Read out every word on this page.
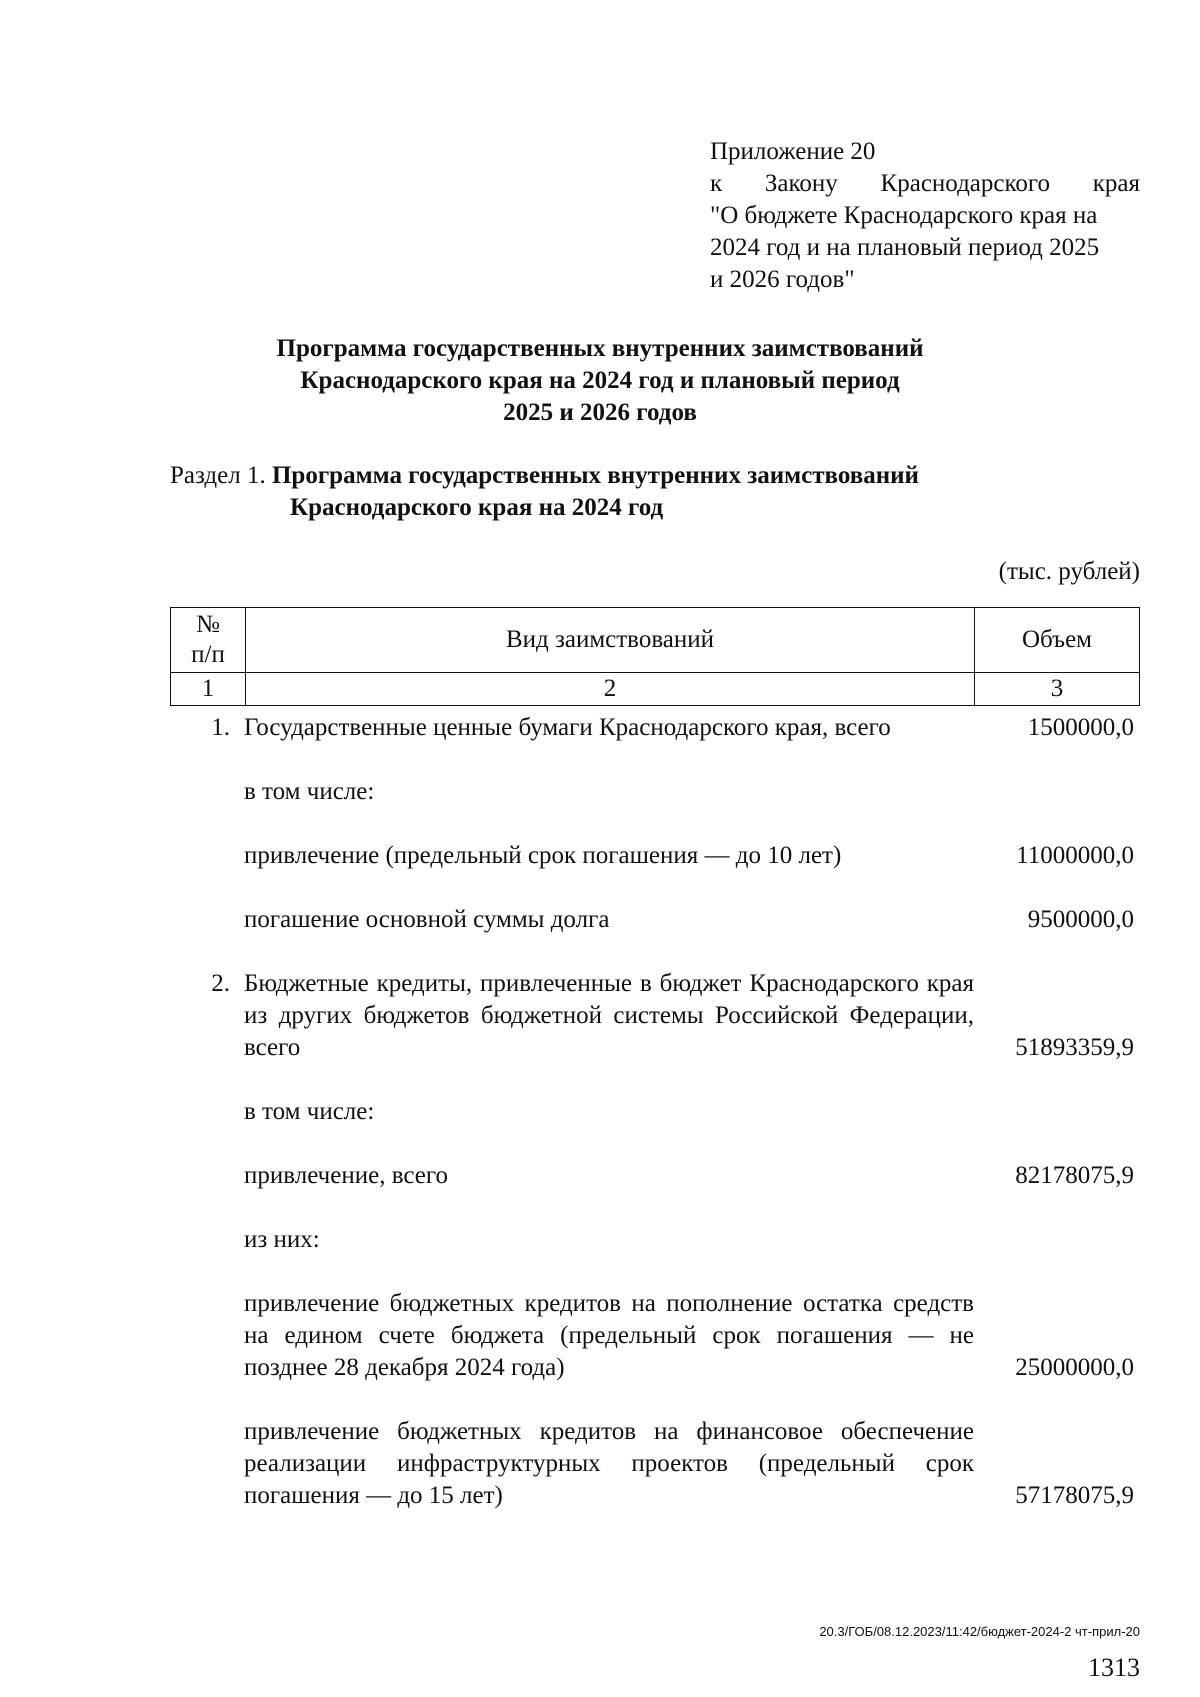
Приложение 20
к Закону Краснодарского края
"О бюджете Краснодарского края на
2024 год и на плановый период 2025
и 2026 годов"
Программа государственных внутренних заимствований
Краснодарского края на 2024 год и плановый период
2025 и 2026 годов
Раздел 1. Программа государственных внутренних заимствований
Краснодарского края на 2024 год
(тыс. рублей)
№
п/п	Вид заимствований	Объем
1	2	3
1. Государственные ценные бумаги Краснодарского края, всего	1500000,0
в том числе:
привлечение (предельный срок погашения — до 10 лет)	11000000,0
погашение основной суммы долга	9500000,0
2. Бюджетные кредиты, привлеченные в бюджет Краснодарского края из других бюджетов бюджетной системы Российской Федерации, всего	51893359,9
в том числе:
привлечение, всего	82178075,9
из них:
привлечение бюджетных кредитов на пополнение остатка средств на едином счете бюджета (предельный срок погашения — не позднее 28 декабря 2024 года)	25000000,0
привлечение бюджетных кредитов на финансовое обеспечение реализации инфраструктурных проектов (предельный срок погашения — до 15 лет)	57178075,9
20.3/ГОБ/08.12.2023/11:42/бюджет-2024-2 чт-прил-20
1313
